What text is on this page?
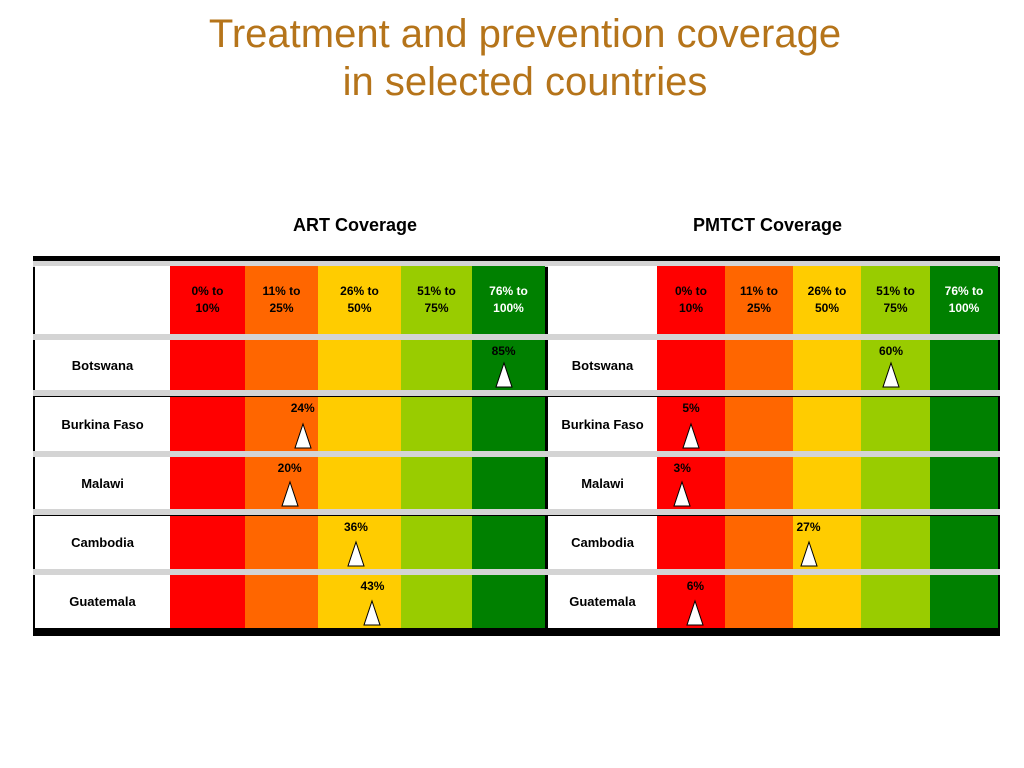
Treatment and prevention coverage
in selected countries
ART Coverage	PMTCT Coverage
0% to
10%
11% to
25%
26% to
50%
51% to
75%
76% to
100%
Botswana
Burkina Faso
Malawi
Cambodia
Guatemala
85%
24%
20%
36%
43%
0% to
10%
11% to
25%
26% to
50%
51% to
75%
76% to
100%
Botswana
Burkina Faso
Malawi
Cambodia
Guatemala
60%
5%
3%
27%
6%
